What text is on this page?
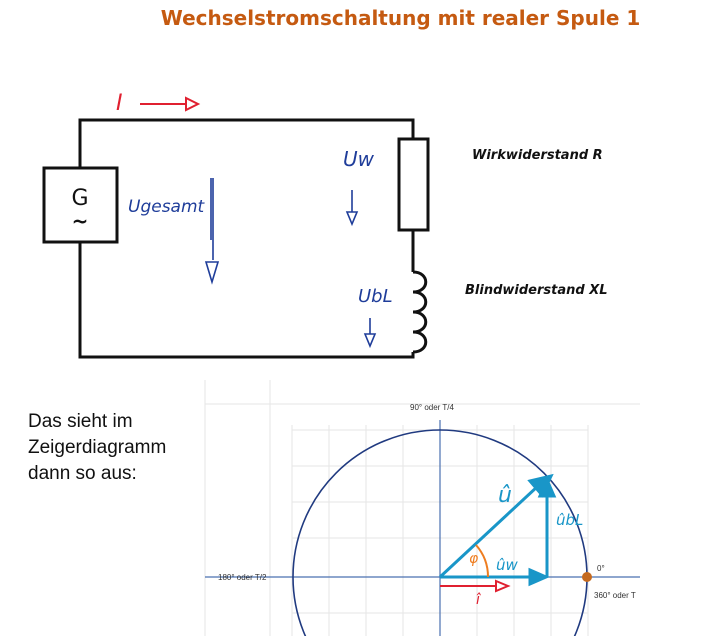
Wechselstromschaltung mit realer Spule 1
G
~
I
Ugesamt
Uw
UbL
90° oder T/4
180° oder T/2
0°
360° oder T
φ
û
ûw
ûbL
î
Wirkwiderstand R
Blindwiderstand XL
Das sieht im Zeigerdiagramm dann so aus:
